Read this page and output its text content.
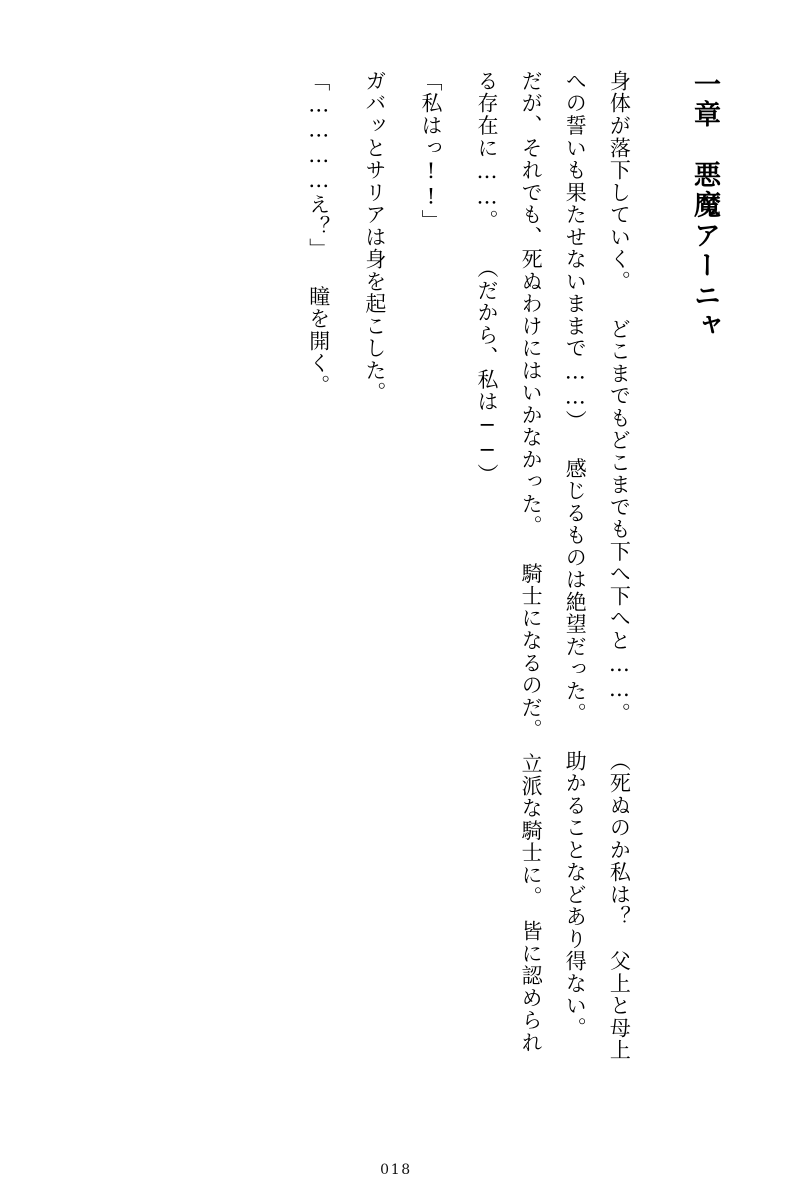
一章　悪魔アーニャ
身体が落下していく。 どこまでもどこまでも下へ下へと……。 （死ぬのか私は？　父上と母上への誓いも果たせないままで……） 感じるものは絶望だった。 助かることなどあり得ない。 だが、それでも、死ぬわけにはいかなかった。 騎士になるのだ。　立派な騎士に。　皆に認められる存在に……。 （だから、私は──）
「私はっ!!」
ガバッとサリアは身を起こした。
「…………え？」 瞳を開く。
018
